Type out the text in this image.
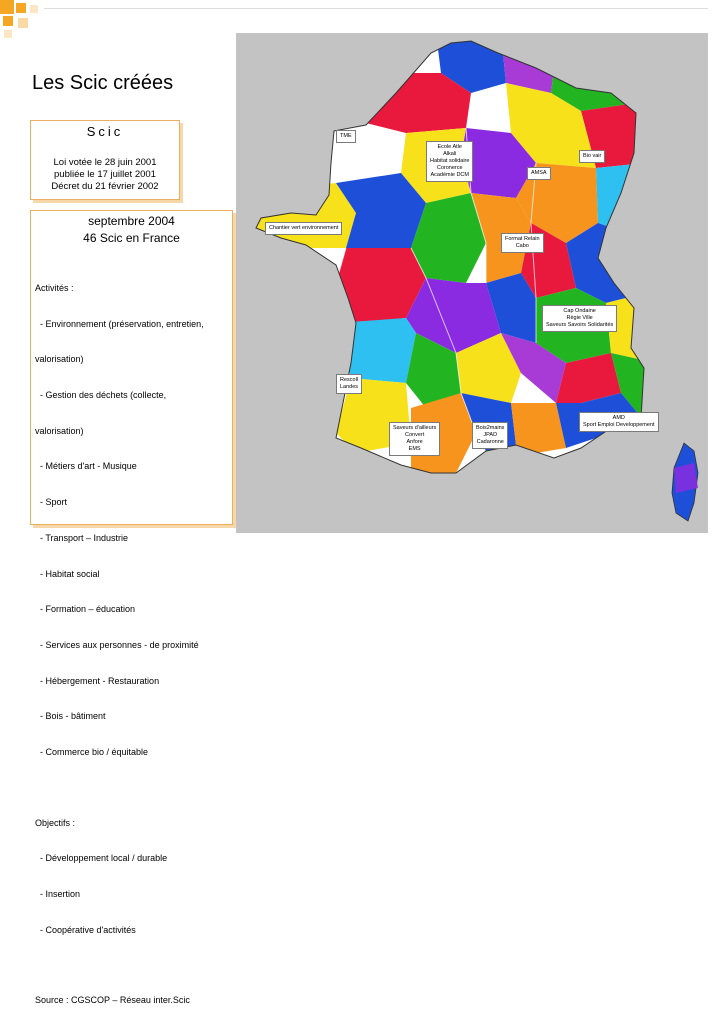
Les Scic créées
Scic
Loi votée le 28 juin 2001
publiée le 17 juillet 2001
Décret du 21 février 2002
septembre 2004
46 Scic en France

Activités :

- Environnement (préservation, entretien,

valorisation)

- Gestion des déchets (collecte,

valorisation)

- Métiers d'art - Musique

- Sport

- Transport – Industrie

- Habitat social

- Formation – éducation

- Services aux personnes - de proximité

- Hébergement - Restauration

- Bois - bâtiment

- Commerce bio / équitable

Objectifs :

- Développement local / durable

- Insertion

- Coopérative d'activités

Source : CGSCOP – Réseau inter.Scic

TME
Ecole Atle
Alkali
Habitat solidaire
Coronerce
Académie DCM
Bio vair
AMSA
Chantier vert environnement
Format Relain
Cabo
Cap Ondaine
Règie Ville
Saveurs Savoirs Solidarités
Rescoll
Landes
Saveurs d'ailleurs
Convert
Anfore
EMS
Bois2mains
JPAD
Cadaronne
AMD
Sport Emploi Developpement
